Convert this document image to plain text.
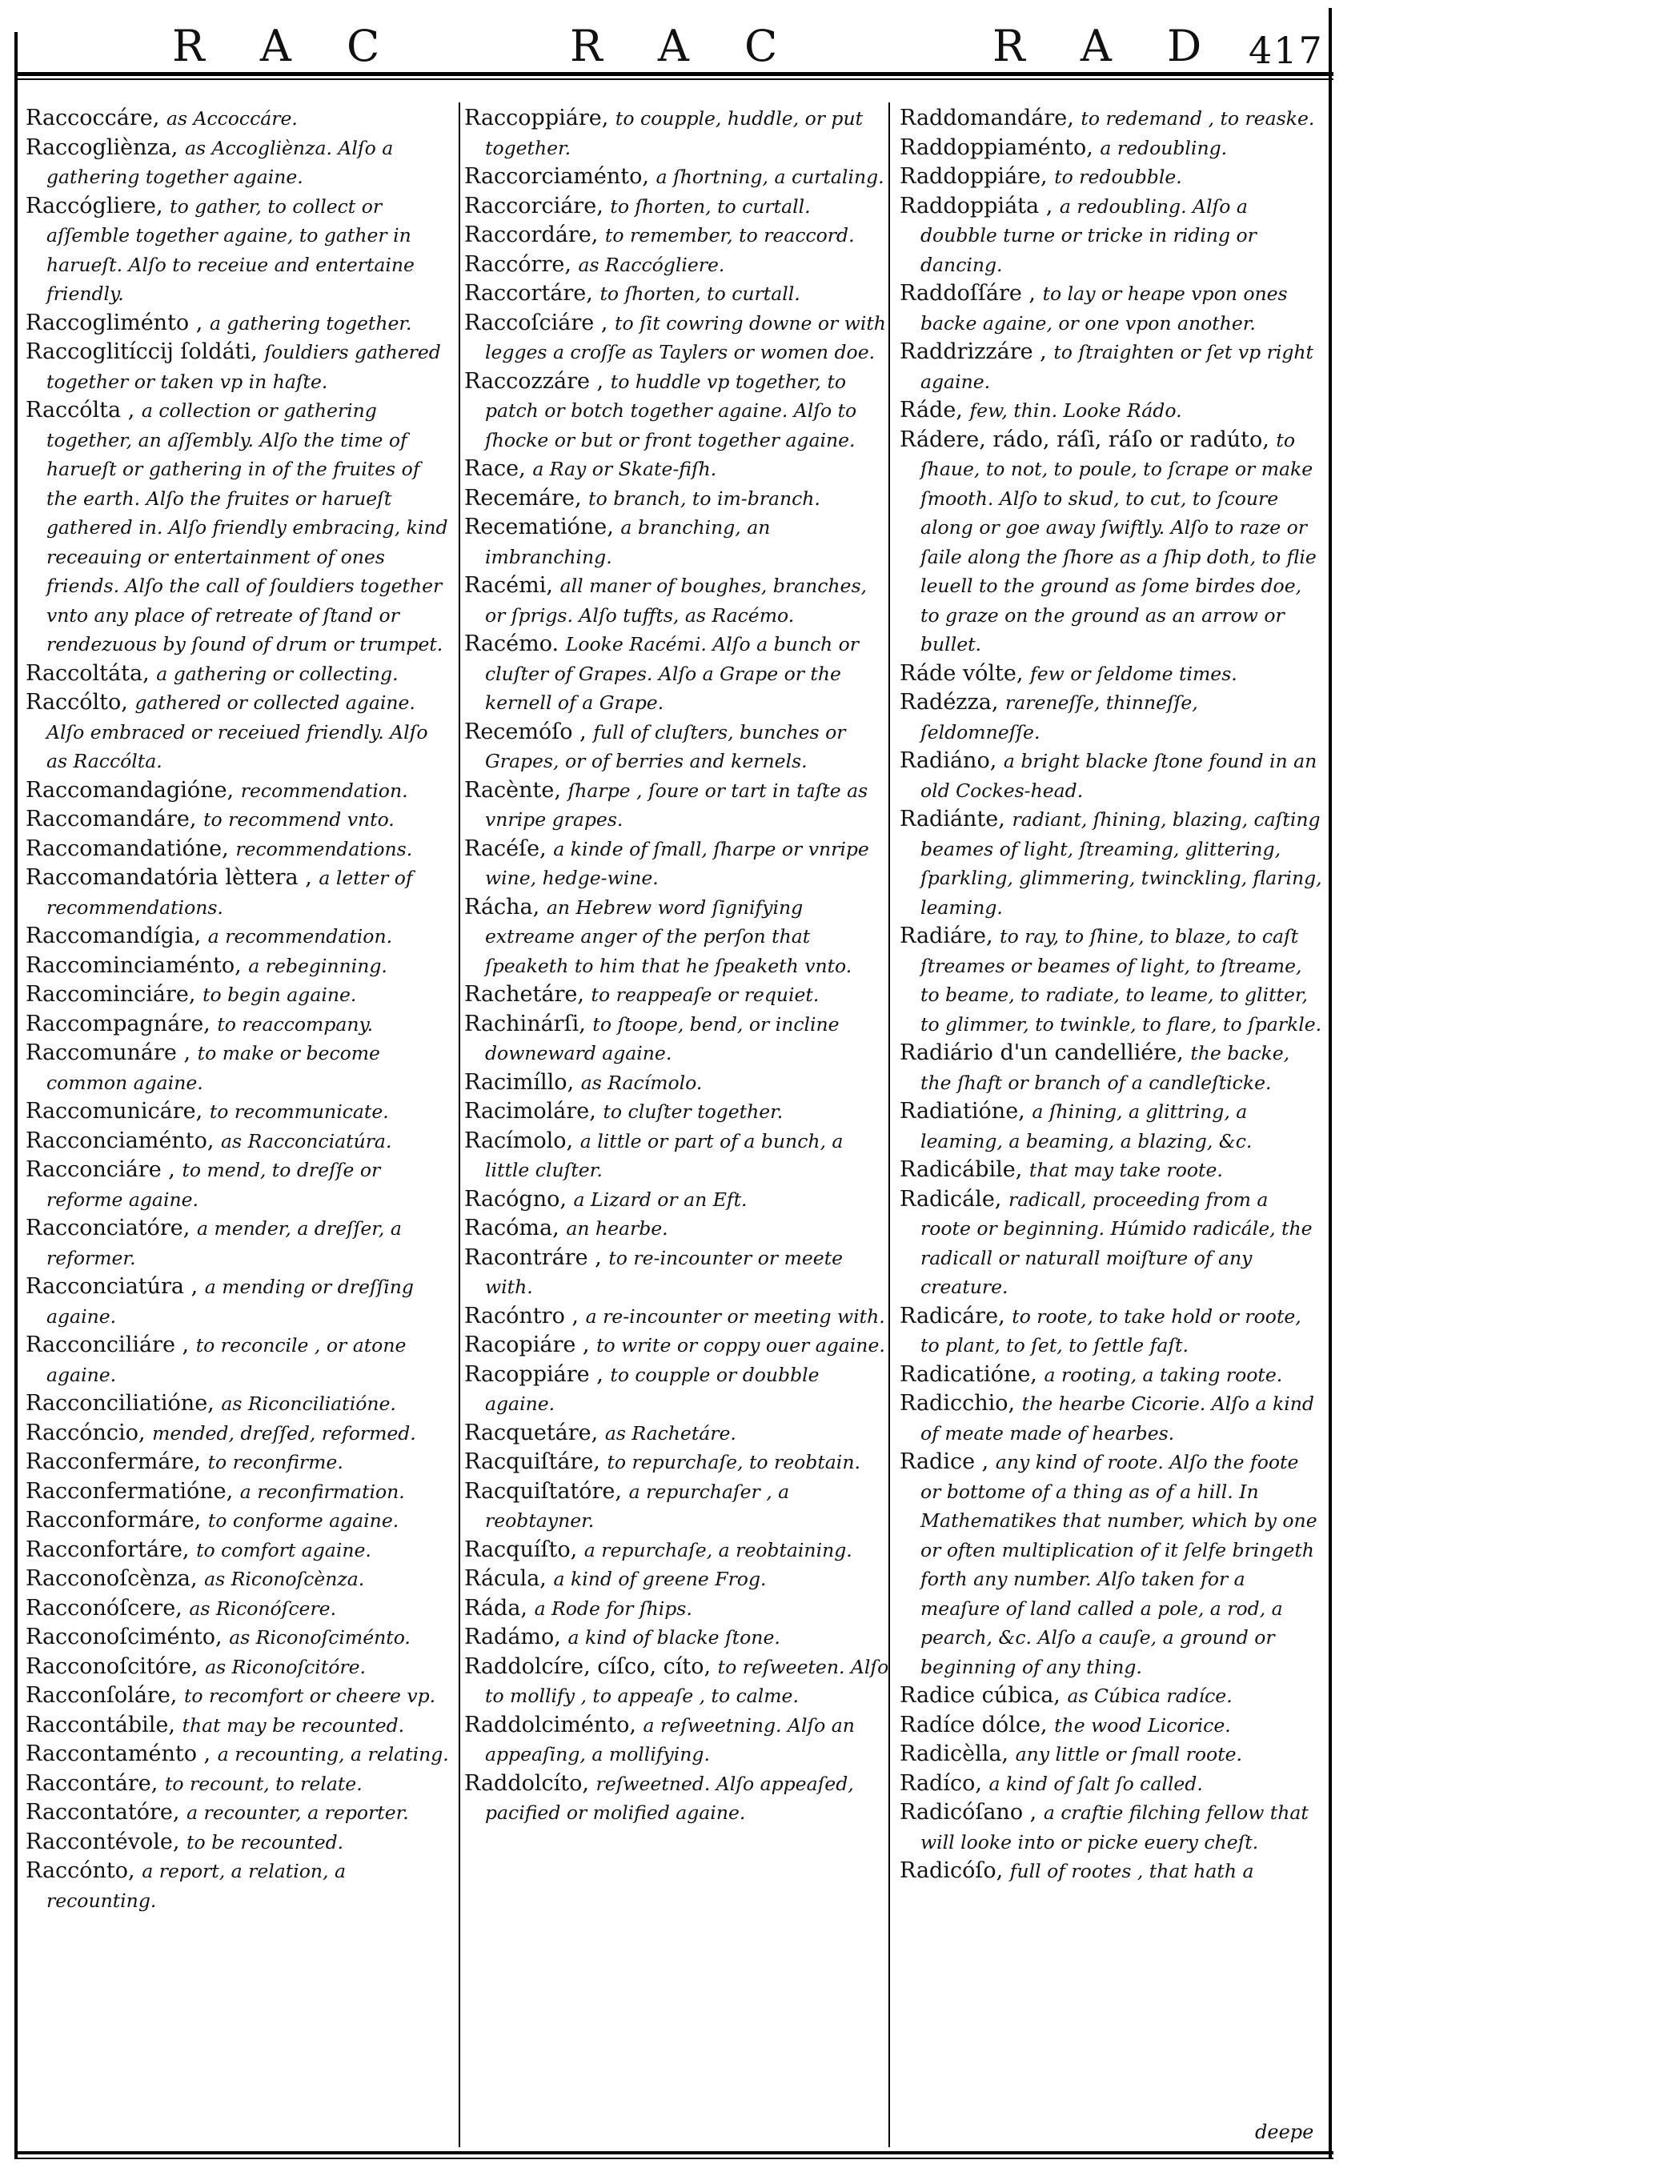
R A C	R A C	R A D 417

Raccoccáre, as Accoccáre.

Raccogliènza, as Accogliènza. Alſo a gathering together againe.

Raccógliere, to gather, to collect or aſſemble together againe, to gather in harueſt. Alſo to receiue and entertaine friendly.

Raccogliménto , a gathering together.

Raccoglitíccij ſoldáti, ſouldiers gathered together or taken vp in haſte.

Raccólta , a collection or gathering together, an aſſembly. Alſo the time of harueſt or gathering in of the fruites of the earth. Alſo the fruites or harueſt gathered in. Alſo friendly embracing, kind receauing or entertainment of ones friends. Alſo the call of ſouldiers together vnto any place of retreate of ſtand or rendezuous by ſound of drum or trumpet.

Raccoltáta, a gathering or collecting.

Raccólto, gathered or collected againe. Alſo embraced or receiued friendly. Alſo as Raccólta.

Raccomandagióne, recommendation.

Raccomandáre, to recommend vnto.

Raccomandatióne, recommendations.

Raccomandatória lèttera , a letter of recommendations.

Raccomandígia, a recommendation.

Raccominciaménto, a rebeginning.

Raccominciáre, to begin againe.

Raccompagnáre, to reaccompany.

Raccomunáre , to make or become common againe.

Raccomunicáre, to recommunicate.

Racconciaménto, as Racconciatúra.

Racconciáre , to mend, to dreſſe or reforme againe.

Racconciatóre, a mender, a dreſſer, a reformer.

Racconciatúra , a mending or dreſſing againe.

Racconciliáre , to reconcile , or atone againe.

Racconciliatióne, as Riconciliatióne.

Raccóncio, mended, dreſſed, reformed.

Racconfermáre, to reconfirme.

Racconfermatióne, a reconfirmation.

Racconformáre, to conforme againe.

Racconfortáre, to comfort againe.

Racconoſcènza, as Riconoſcènza.

Racconóſcere, as Riconóſcere.

Racconoſciménto, as Riconoſciménto.

Racconoſcitóre, as Riconoſcitóre.

Racconſoláre, to recomfort or cheere vp.

Raccontábile, that may be recounted.

Raccontaménto , a recounting, a relating.

Raccontáre, to recount, to relate.

Raccontatóre, a recounter, a reporter.

Raccontévole, to be recounted.

Raccónto, a report, a relation, a recounting.

Raccoppiáre, to coupple, huddle, or put together.

Raccorciaménto, a ſhortning, a curtaling.

Raccorciáre, to ſhorten, to curtall.

Raccordáre, to remember, to reaccord.

Raccórre, as Raccógliere.

Raccortáre, to ſhorten, to curtall.

Raccoſciáre , to ſit cowring downe or with legges a croſſe as Taylers or women doe.

Raccozzáre , to huddle vp together, to patch or botch together againe. Alſo to ſhocke or but or front together againe.

Race, a Ray or Skate-fiſh.

Recemáre, to branch, to im-branch.

Recematióne, a branching, an imbranching.

Racémi, all maner of boughes, branches, or ſprigs. Alſo tuffts, as Racémo.

Racémo. Looke Racémi. Alſo a bunch or cluſter of Grapes. Alſo a Grape or the kernell of a Grape.

Recemóſo , full of cluſters, bunches or Grapes, or of berries and kernels.

Racènte, ſharpe , ſoure or tart in taſte as vnripe grapes.

Racéſe, a kinde of ſmall, ſharpe or vnripe wine, hedge-wine.

Rácha, an Hebrew word ſignifying extreame anger of the perſon that ſpeaketh to him that he ſpeaketh vnto.

Rachetáre, to reappeaſe or requiet.

Rachinárſi, to ſtoope, bend, or incline downeward againe.

Racimíllo, as Racímolo.

Racimoláre, to cluſter together.

Racímolo, a little or part of a bunch, a little cluſter.

Racógno, a Lizard or an Eft.

Racóma, an hearbe.

Racontráre , to re-incounter or meete with.

Racóntro , a re-incounter or meeting with.

Racopiáre , to write or coppy ouer againe.

Racoppiáre , to coupple or doubble againe.

Racquetáre, as Rachetáre.

Racquiſtáre, to repurchaſe, to reobtain.

Racquiſtatóre, a repurchaſer , a reobtayner.

Racquíſto, a repurchaſe, a reobtaining.

Rácula, a kind of greene Frog.

Ráda, a Rode for ſhips.

Radámo, a kind of blacke ſtone.

Raddolcíre, cíſco, cíto, to reſweeten. Alſo to mollify , to appeaſe , to calme.

Raddolciménto, a reſweetning. Alſo an appeaſing, a mollifying.

Raddolcíto, reſweetned. Alſo appeaſed, pacified or molified againe.

Raddomandáre, to redemand , to reaske.

Raddoppiaménto, a redoubling.

Raddoppiáre, to redoubble.

Raddoppiáta , a redoubling. Alſo a doubble turne or tricke in riding or dancing.

Raddoſſáre , to lay or heape vpon ones backe againe, or one vpon another.

Raddrizzáre , to ſtraighten or ſet vp right againe.

Ráde, few, thin. Looke Rádo.

Rádere, rádo, ráſi, ráſo or radúto, to ſhaue, to not, to poule, to ſcrape or make ſmooth. Alſo to skud, to cut, to ſcoure along or goe away ſwiftly. Alſo to raze or ſaile along the ſhore as a ſhip doth, to flie leuell to the ground as ſome birdes doe, to graze on the ground as an arrow or bullet.

Ráde vólte, few or ſeldome times.

Radézza, rareneſſe, thinneſſe, ſeldomneſſe.

Radiáno, a bright blacke ſtone found in an old Cockes-head.

Radiánte, radiant, ſhining, blazing, caſting beames of light, ſtreaming, glittering, ſparkling, glimmering, twinckling, flaring, leaming.

Radiáre, to ray, to ſhine, to blaze, to caſt ſtreames or beames of light, to ſtreame, to beame, to radiate, to leame, to glitter, to glimmer, to twinkle, to flare, to ſparkle.

Radiário d'un candelliére, the backe, the ſhaft or branch of a candleſticke.

Radiatióne, a ſhining, a glittring, a leaming, a beaming, a blazing, &c.

Radicábile, that may take roote.

Radicále, radicall, proceeding from a roote or beginning. Húmido radicále, the radicall or naturall moiſture of any creature.

Radicáre, to roote, to take hold or roote, to plant, to ſet, to ſettle faſt.

Radicatióne, a rooting, a taking roote.

Radicchio, the hearbe Cicorie. Alſo a kind of meate made of hearbes.

Radice , any kind of roote. Alſo the foote or bottome of a thing as of a hill. In Mathematikes that number, which by one or often multiplication of it ſelfe bringeth forth any number. Alſo taken for a meaſure of land called a pole, a rod, a pearch, &c. Alſo a cauſe, a ground or beginning of any thing.

Radice cúbica, as Cúbica radíce.

Radíce dólce, the wood Licorice.

Radicèlla, any little or ſmall roote.

Radíco, a kind of ſalt ſo called.

Radicóſano , a craftie filching fellow that will looke into or picke euery cheſt.

Radicóſo, full of rootes , that hath a

deepe
